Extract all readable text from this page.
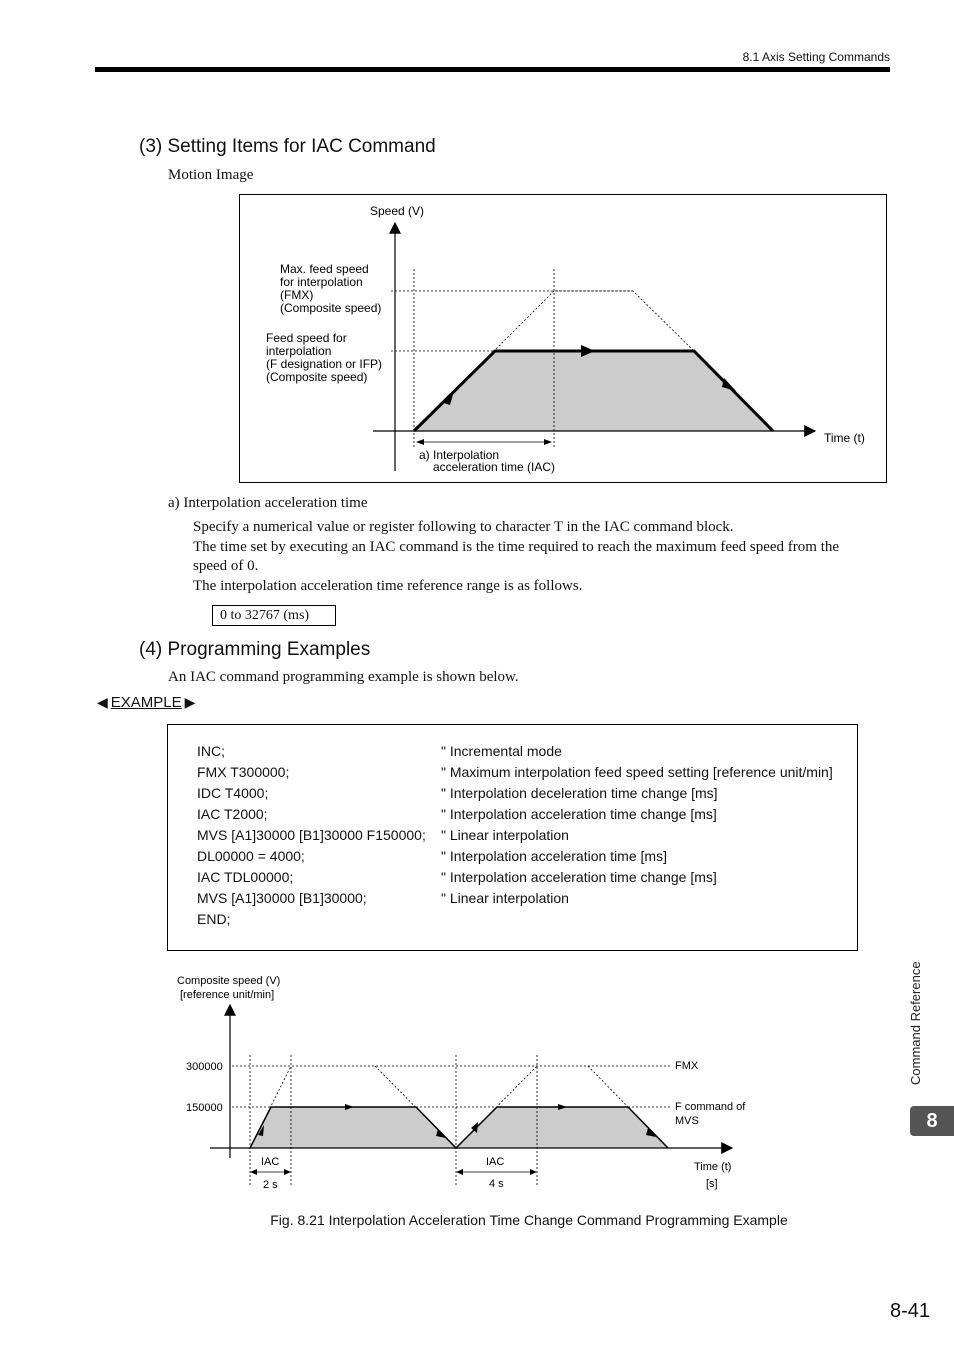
8.1 Axis Setting Commands
(3) Setting Items for IAC Command
Motion Image
Speed (V)
Time (t)
Max. feed speed
for interpolation
(FMX)
(Composite speed)
Feed speed for
interpolation
(F designation or IFP)
(Composite speed)
a) Interpolation
acceleration time (IAC)
a) Interpolation acceleration time
Specify a numerical value or register following to character T in the IAC command block.
The time set by executing an IAC command is the time required to reach the maximum feed speed from the
speed of 0.
The interpolation acceleration time reference range is as follows.
0 to 32767 (ms)
(4) Programming Examples
An IAC command programming example is shown below.
◀ EXAMPLE ▶
INC;	" Incremental mode
FMX T300000;	" Maximum interpolation feed speed setting [reference unit/min]
IDC T4000;	" Interpolation deceleration time change [ms]
IAC T2000;	" Interpolation acceleration time change [ms]
MVS [A1]30000 [B1]30000 F150000;	" Linear interpolation
DL00000 = 4000;	" Interpolation acceleration time [ms]
IAC TDL00000;	" Interpolation acceleration time change [ms]
MVS [A1]30000 [B1]30000;	" Linear interpolation
END;
Composite speed (V)
[reference unit/min]
300000
150000
FMX
F command of
MVS
IAC
2 s
IAC
4 s
Time (t)
[s]
Fig. 8.21 Interpolation Acceleration Time Change Command Programming Example
Command Reference
8
8-41
